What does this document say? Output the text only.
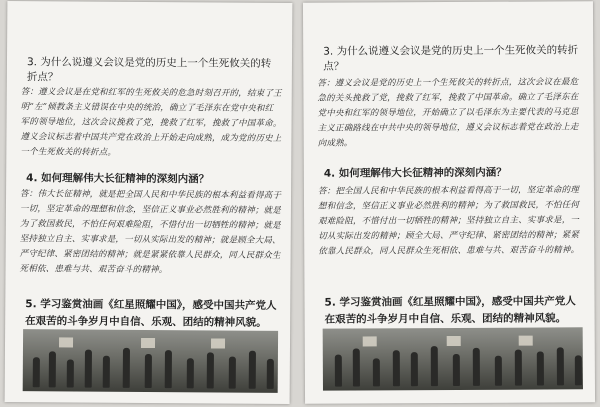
3. 为什么说遵义会议是党的历史上一个生死攸关的转折点？
答：遵义会议是在党和红军的生死攸关的危急时刻召开的，结束了王明“左”倾教条主义错误在中央的统治，确立了毛泽东在党中央和红军的领导地位，这次会议挽救了党，挽救了红军，挽救了中国革命。遵义会议标志着中国共产党在政治上开始走向成熟，成为党的历史上一个生死攸关的转折点。
4. 如何理解伟大长征精神的深刻内涵？
答：伟大长征精神，就是把全国人民和中华民族的根本利益看得高于一切，坚定革命的理想和信念，坚信正义事业必然胜利的精神；就是为了救国救民，不怕任何艰难险阻，不惜付出一切牺牲的精神；就是坚持独立自主、实事求是，一切从实际出发的精神；就是顾全大局、严守纪律、紧密团结的精神；就是紧紧依靠人民群众，同人民群众生死相依、患难与共、艰苦奋斗的精神。
5. 学习鉴赏油画《红星照耀中国》，感受中国共产党人在艰苦的斗争岁月中自信、乐观、团结的精神风貌。
3. 为什么说遵义会议是党的历史上一个生死攸关的转折点？
答：遵义会议是党的历史上一个生死攸关的转折点，这次会议在最危急的关头挽救了党，挽救了红军，挽救了中国革命。确立了毛泽东在党中央和红军的领导地位，开始确立了以毛泽东为主要代表的马克思主义正确路线在中共中央的领导地位，遵义会议标志着党在政治上走向成熟。
4. 如何理解伟大长征精神的深刻内涵？
答：把全国人民和中华民族的根本利益看得高于一切，坚定革命的理想和信念，坚信正义事业必然胜利的精神；为了救国救民，不怕任何艰难险阻，不惜付出一切牺牲的精神；坚持独立自主、实事求是，一切从实际出发的精神；顾全大局、严守纪律、紧密团结的精神；紧紧依靠人民群众，同人民群众生死相依、患难与共、艰苦奋斗的精神。
5. 学习鉴赏油画《红星照耀中国》，感受中国共产党人在艰苦的斗争岁月中自信、乐观、团结的精神风貌。
